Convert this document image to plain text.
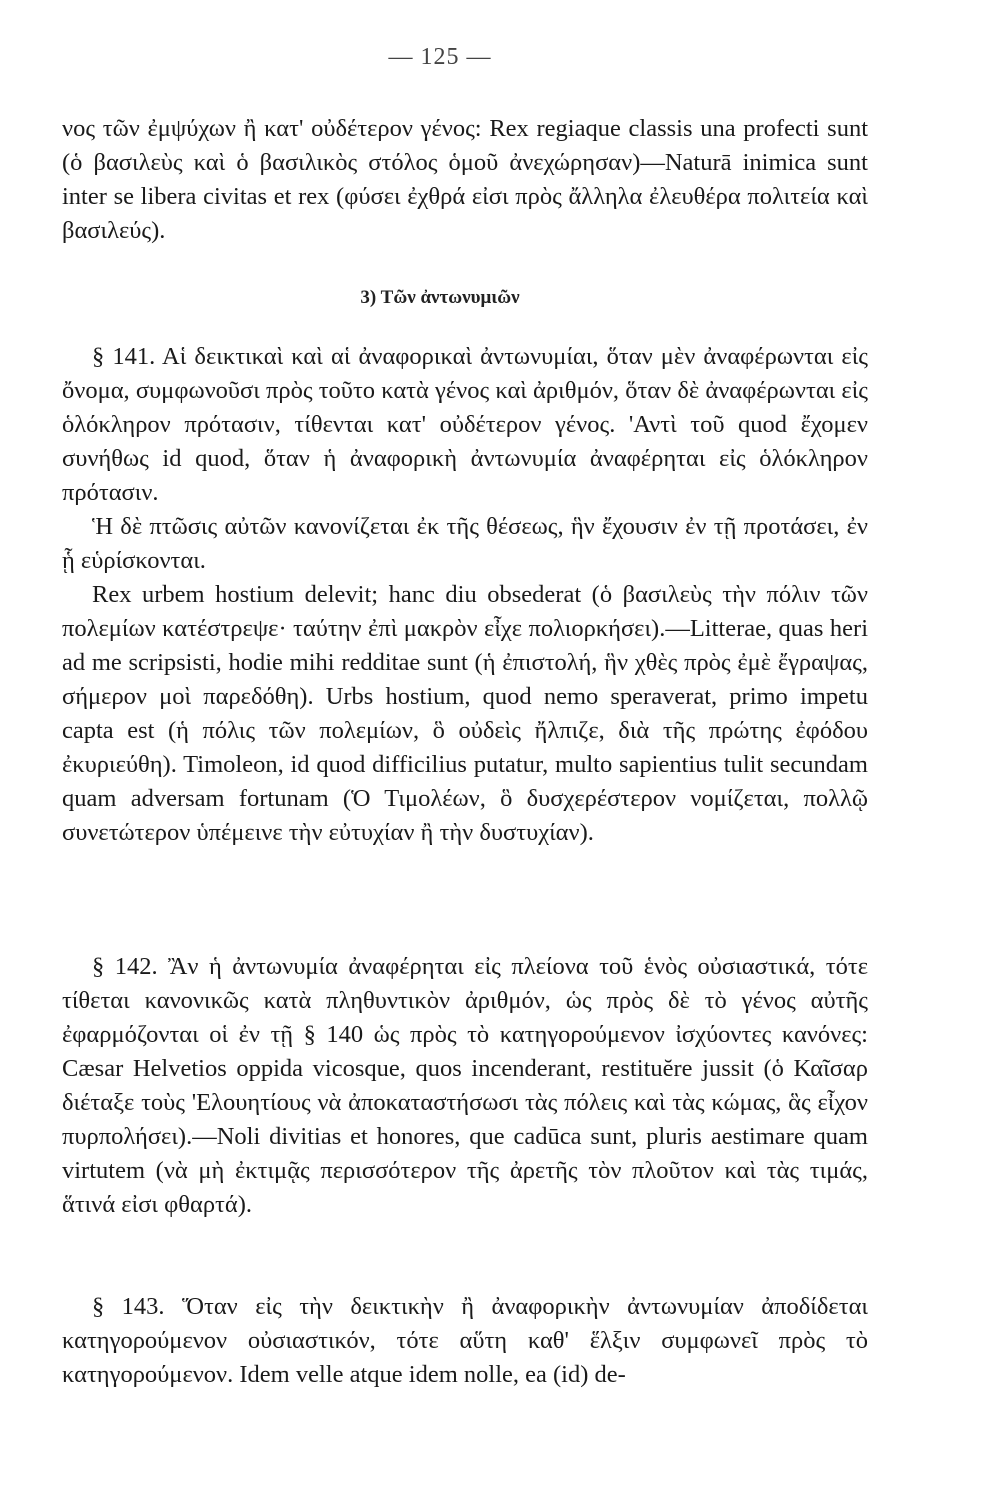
— 125 —

νος τῶν ἐμψύχων ἢ κατ' οὐδέτερον γένος: Rex regiaque classis una profecti sunt (ὁ βασιλεὺς καὶ ὁ βασιλικὸς στόλος ὁμοῦ ἀνεχώρησαν)—Naturā inimica sunt inter se libera civitas et rex (φύσει ἐχθρά εἰσι πρὸς ἄλληλα ἐλευθέρα πολιτεία καὶ βασιλεύς).

3) Τῶν ἀντωνυμιῶν

§ 141. Αἱ δεικτικαὶ καὶ αἱ ἀναφορικαὶ ἀντωνυμίαι, ὅταν μὲν ἀναφέρωνται εἰς ὄνομα, συμφωνοῦσι πρὸς τοῦτο κατὰ γένος καὶ ἀριθμόν, ὅταν δὲ ἀναφέρωνται εἰς ὁλόκληρον πρότασιν, τίθενται κατ' οὐδέτερον γένος. 'Αντὶ τοῦ quod ἔχομεν συνήθως id quod, ὅταν ἡ ἀναφορικὴ ἀντωνυμία ἀναφέρηται εἰς ὁλόκληρον πρότασιν.

Ἡ δὲ πτῶσις αὐτῶν κανονίζεται ἐκ τῆς θέσεως, ἣν ἔχουσιν ἐν τῇ προτάσει, ἐν ᾗ εὑρίσκονται.

Rex urbem hostium delevit; hanc diu obsederat (ὁ βασιλεὺς τὴν πόλιν τῶν πολεμίων κατέστρεψε· ταύτην ἐπὶ μακρὸν εἶχε πολιορκήσει).—Litterae, quas heri ad me scripsisti, hodie mihi redditae sunt (ἡ ἐπιστολή, ἣν χθὲς πρὸς ἐμὲ ἔγραψας, σήμερον μοὶ παρεδόθη). Urbs hostium, quod nemo speraverat, primo impetu capta est (ἡ πόλις τῶν πολεμίων, ὃ οὐδεὶς ἤλπιζε, διὰ τῆς πρώτης ἐφόδου ἐκυριεύθη). Timoleon, id quod difficilius putatur, multo sapientius tulit secundam quam adversam fortunam (Ὁ Τιμολέων, ὃ δυσχερέστερον νομίζεται, πολλῷ συνετώτερον ὑπέμεινε τὴν εὐτυχίαν ἢ τὴν δυστυχίαν).

§ 142. Ἂν ἡ ἀντωνυμία ἀναφέρηται εἰς πλείονα τοῦ ἑνὸς οὐσιαστικά, τότε τίθεται κανονικῶς κατὰ πληθυντικὸν ἀριθμόν, ὡς πρὸς δὲ τὸ γένος αὐτῆς ἐφαρμόζονται οἱ ἐν τῇ § 140 ὡς πρὸς τὸ κατηγορούμενον ἰσχύοντες κανόνες: Cæsar Helvetios oppida vicosque, quos incenderant, restituĕre jussit (ὁ Καῖσαρ διέταξε τοὺς 'Ελουητίους νὰ ἀποκαταστήσωσι τὰς πόλεις καὶ τὰς κώμας, ἃς εἶχον πυρπολήσει).—Noli divitias et honores, que cadūca sunt, pluris aestimare quam virtutem (νὰ μὴ ἐκτιμᾷς περισσότερον τῆς ἀρετῆς τὸν πλοῦτον καὶ τὰς τιμάς, ἅτινά εἰσι φθαρτά).

§ 143. Ὅταν εἰς τὴν δεικτικὴν ἢ ἀναφορικὴν ἀντωνυμίαν ἀποδίδεται κατηγορούμενον οὐσιαστικόν, τότε αὕτη καθ' ἕλξιν συμφωνεῖ πρὸς τὸ κατηγορούμενον. Idem velle atque idem nolle, ea (id) de-
